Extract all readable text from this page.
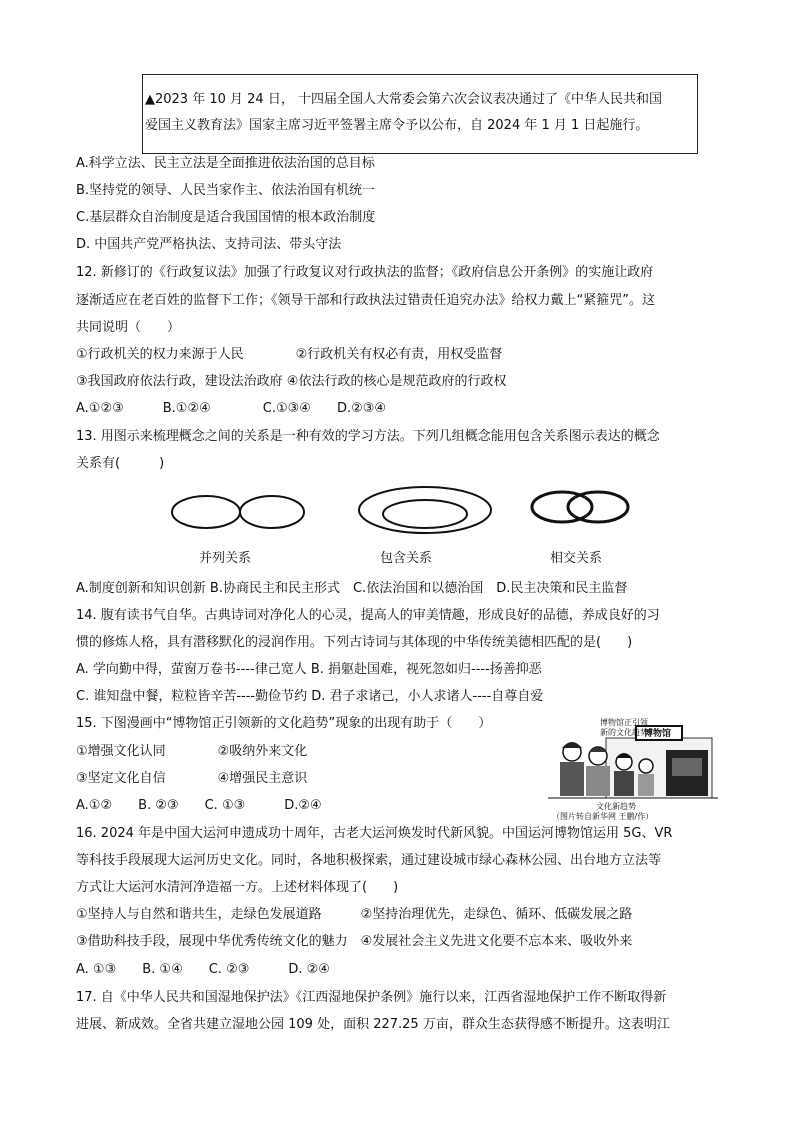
▲2023 年 10 月 24 日， 十四届全国人大常委会第六次会议表决通过了《中华人民共和国
爱国主义教育法》国家主席习近平签署主席令予以公布，自 2024 年 1 月 1 日起施行。
A.科学立法、民主立法是全面推进依法治国的总目标
B.坚持党的领导、人民当家作主、依法治国有机统一
C.基层群众自治制度是适合我国国情的根本政治制度
D. 中国共产党严格执法、支持司法、带头守法
12. 新修订的《行政复议法》加强了行政复议对行政执法的监督；《政府信息公开条例》的实施让政府
逐渐适应在老百姓的监督下工作；《领导干部和行政执法过错责任追究办法》给权力戴上“紧箍咒”。这
共同说明（　　）
①行政机关的权力来源于人民　　　　②行政机关有权必有责，用权受监督
③我国政府依法行政，建设法治政府 ④依法行政的核心是规范政府的行政权
A.①②③　　　B.①②④　　　　C.①③④　　D.②③④
13. 用图示来梳理概念之间的关系是一种有效的学习方法。下列几组概念能用包含关系图示表达的概念
关系有(　　　)
并列关系	包含关系	相交关系
A.制度创新和知识创新 B.协商民主和民主形式　C.依法治国和以德治国　D.民主决策和民主监督
14. 腹有读书气自华。古典诗词对净化人的心灵，提高人的审美情趣，形成良好的品德，养成良好的习
惯的修炼人格，具有潜移默化的浸润作用。下列古诗词与其体现的中华传统美德相匹配的是(　　)
A. 学向勤中得，萤窗万卷书----律己宽人 B. 捐躯赴国难，视死忽如归----扬善抑恶
C. 谁知盘中餐，粒粒皆辛苦----勤俭节约 D. 君子求诸己，小人求诸人----自尊自爱
15. 下图漫画中“博物馆正引领新的文化趋势”现象的出现有助于（　　）
①增强文化认同　　　　②吸纳外来文化
③坚定文化自信　　　　④增强民主意识
A.①②　　B. ②③　　C. ①③　　　D.②④
博物馆正引领
新的文化趋势
博物馆
文化新趋势
（图片转自新华网 王鹏/作）
16. 2024 年是中国大运河申遗成功十周年，古老大运河焕发时代新风貌。中国运河博物馆运用 5G、VR
等科技手段展现大运河历史文化。同时，各地积极探索，通过建设城市绿心森林公园、出台地方立法等
方式让大运河水清河净造福一方。上述材料体现了(　　)
①坚持人与自然和谐共生，走绿色发展道路　　　②坚持治理优先，走绿色、循环、低碳发展之路
③借助科技手段，展现中华优秀传统文化的魅力　④发展社会主义先进文化要不忘本来、吸收外来
A. ①③　　B. ①④　　C. ②③　　　D. ②④
17. 自《中华人民共和国湿地保护法》《江西湿地保护条例》施行以来，江西省湿地保护工作不断取得新
进展、新成效。全省共建立湿地公园 109 处，面积 227.25 万亩，群众生态获得感不断提升。这表明江
